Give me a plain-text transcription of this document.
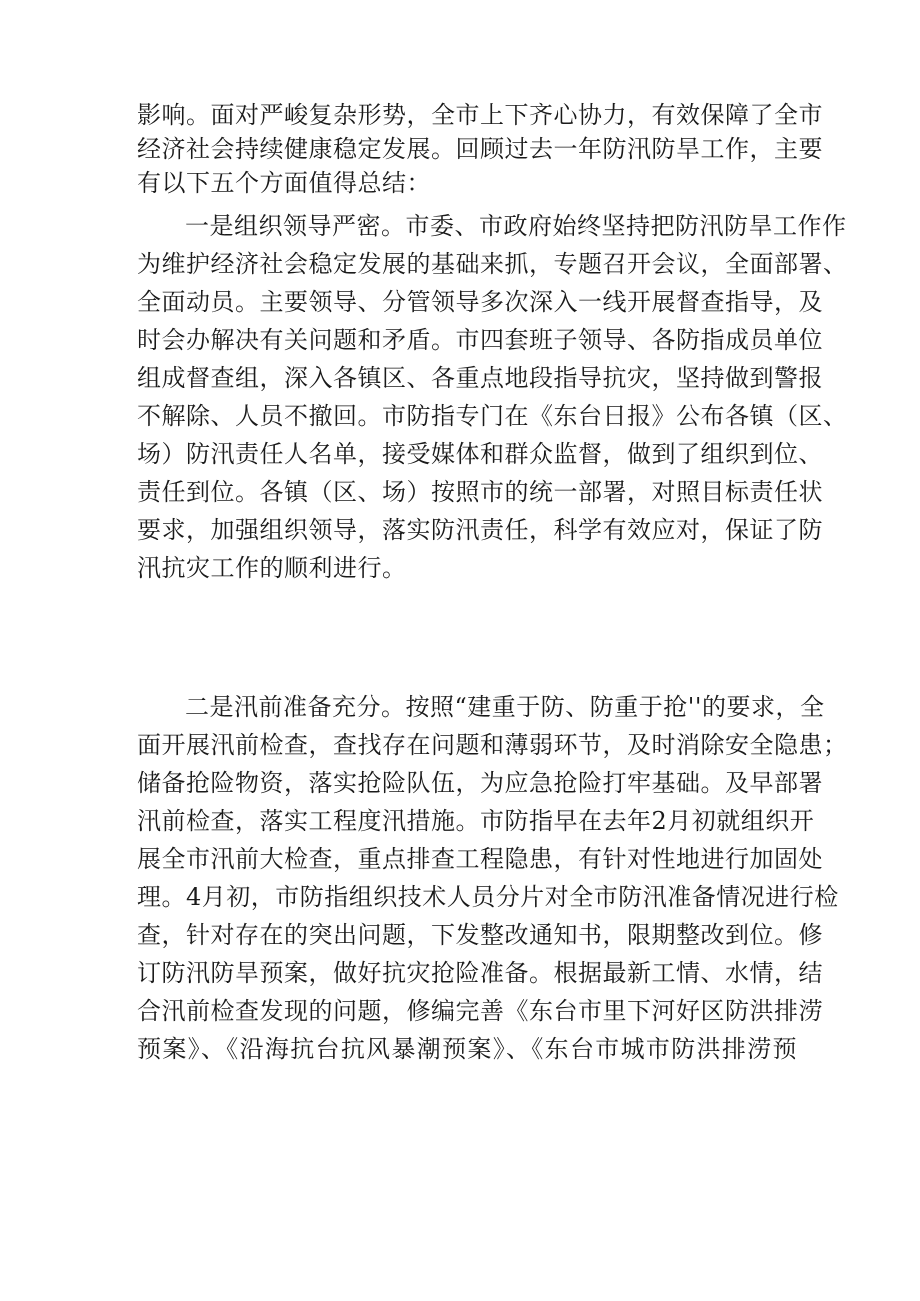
影响。面对严峻复杂形势，全市上下齐心协力，有效保障了全市
经济社会持续健康稳定发展。回顾过去一年防汛防旱工作，主要
有以下五个方面值得总结：

一是组织领导严密。市委、市政府始终坚持把防汛防旱工作作
为维护经济社会稳定发展的基础来抓，专题召开会议，全面部署、
全面动员。主要领导、分管领导多次深入一线开展督查指导，及
时会办解决有关问题和矛盾。市四套班子领导、各防指成员单位
组成督查组，深入各镇区、各重点地段指导抗灾，坚持做到警报
不解除、人员不撤回。市防指专门在《东台日报》公布各镇（区、
场）防汛责任人名单，接受媒体和群众监督，做到了组织到位、
责任到位。各镇（区、场）按照市的统一部署，对照目标责任状
要求，加强组织领导，落实防汛责任，科学有效应对，保证了防
汛抗灾工作的顺利进行。

二是汛前准备充分。按照“建重于防、防重于抢''的要求，全
面开展汛前检查，查找存在问题和薄弱环节，及时消除安全隐患；
储备抢险物资，落实抢险队伍，为应急抢险打牢基础。及早部署
汛前检查，落实工程度汛措施。市防指早在去年2月初就组织开
展全市汛前大检查，重点排查工程隐患，有针对性地进行加固处
理。4月初，市防指组织技术人员分片对全市防汛准备情况进行检
查，针对存在的突出问题，下发整改通知书，限期整改到位。修
订防汛防旱预案，做好抗灾抢险准备。根据最新工情、水情，结
合汛前检查发现的问题，修编完善《东台市里下河好区防洪排涝
预案》、《沿海抗台抗风暴潮预案》、《东台市城市防洪排涝预
